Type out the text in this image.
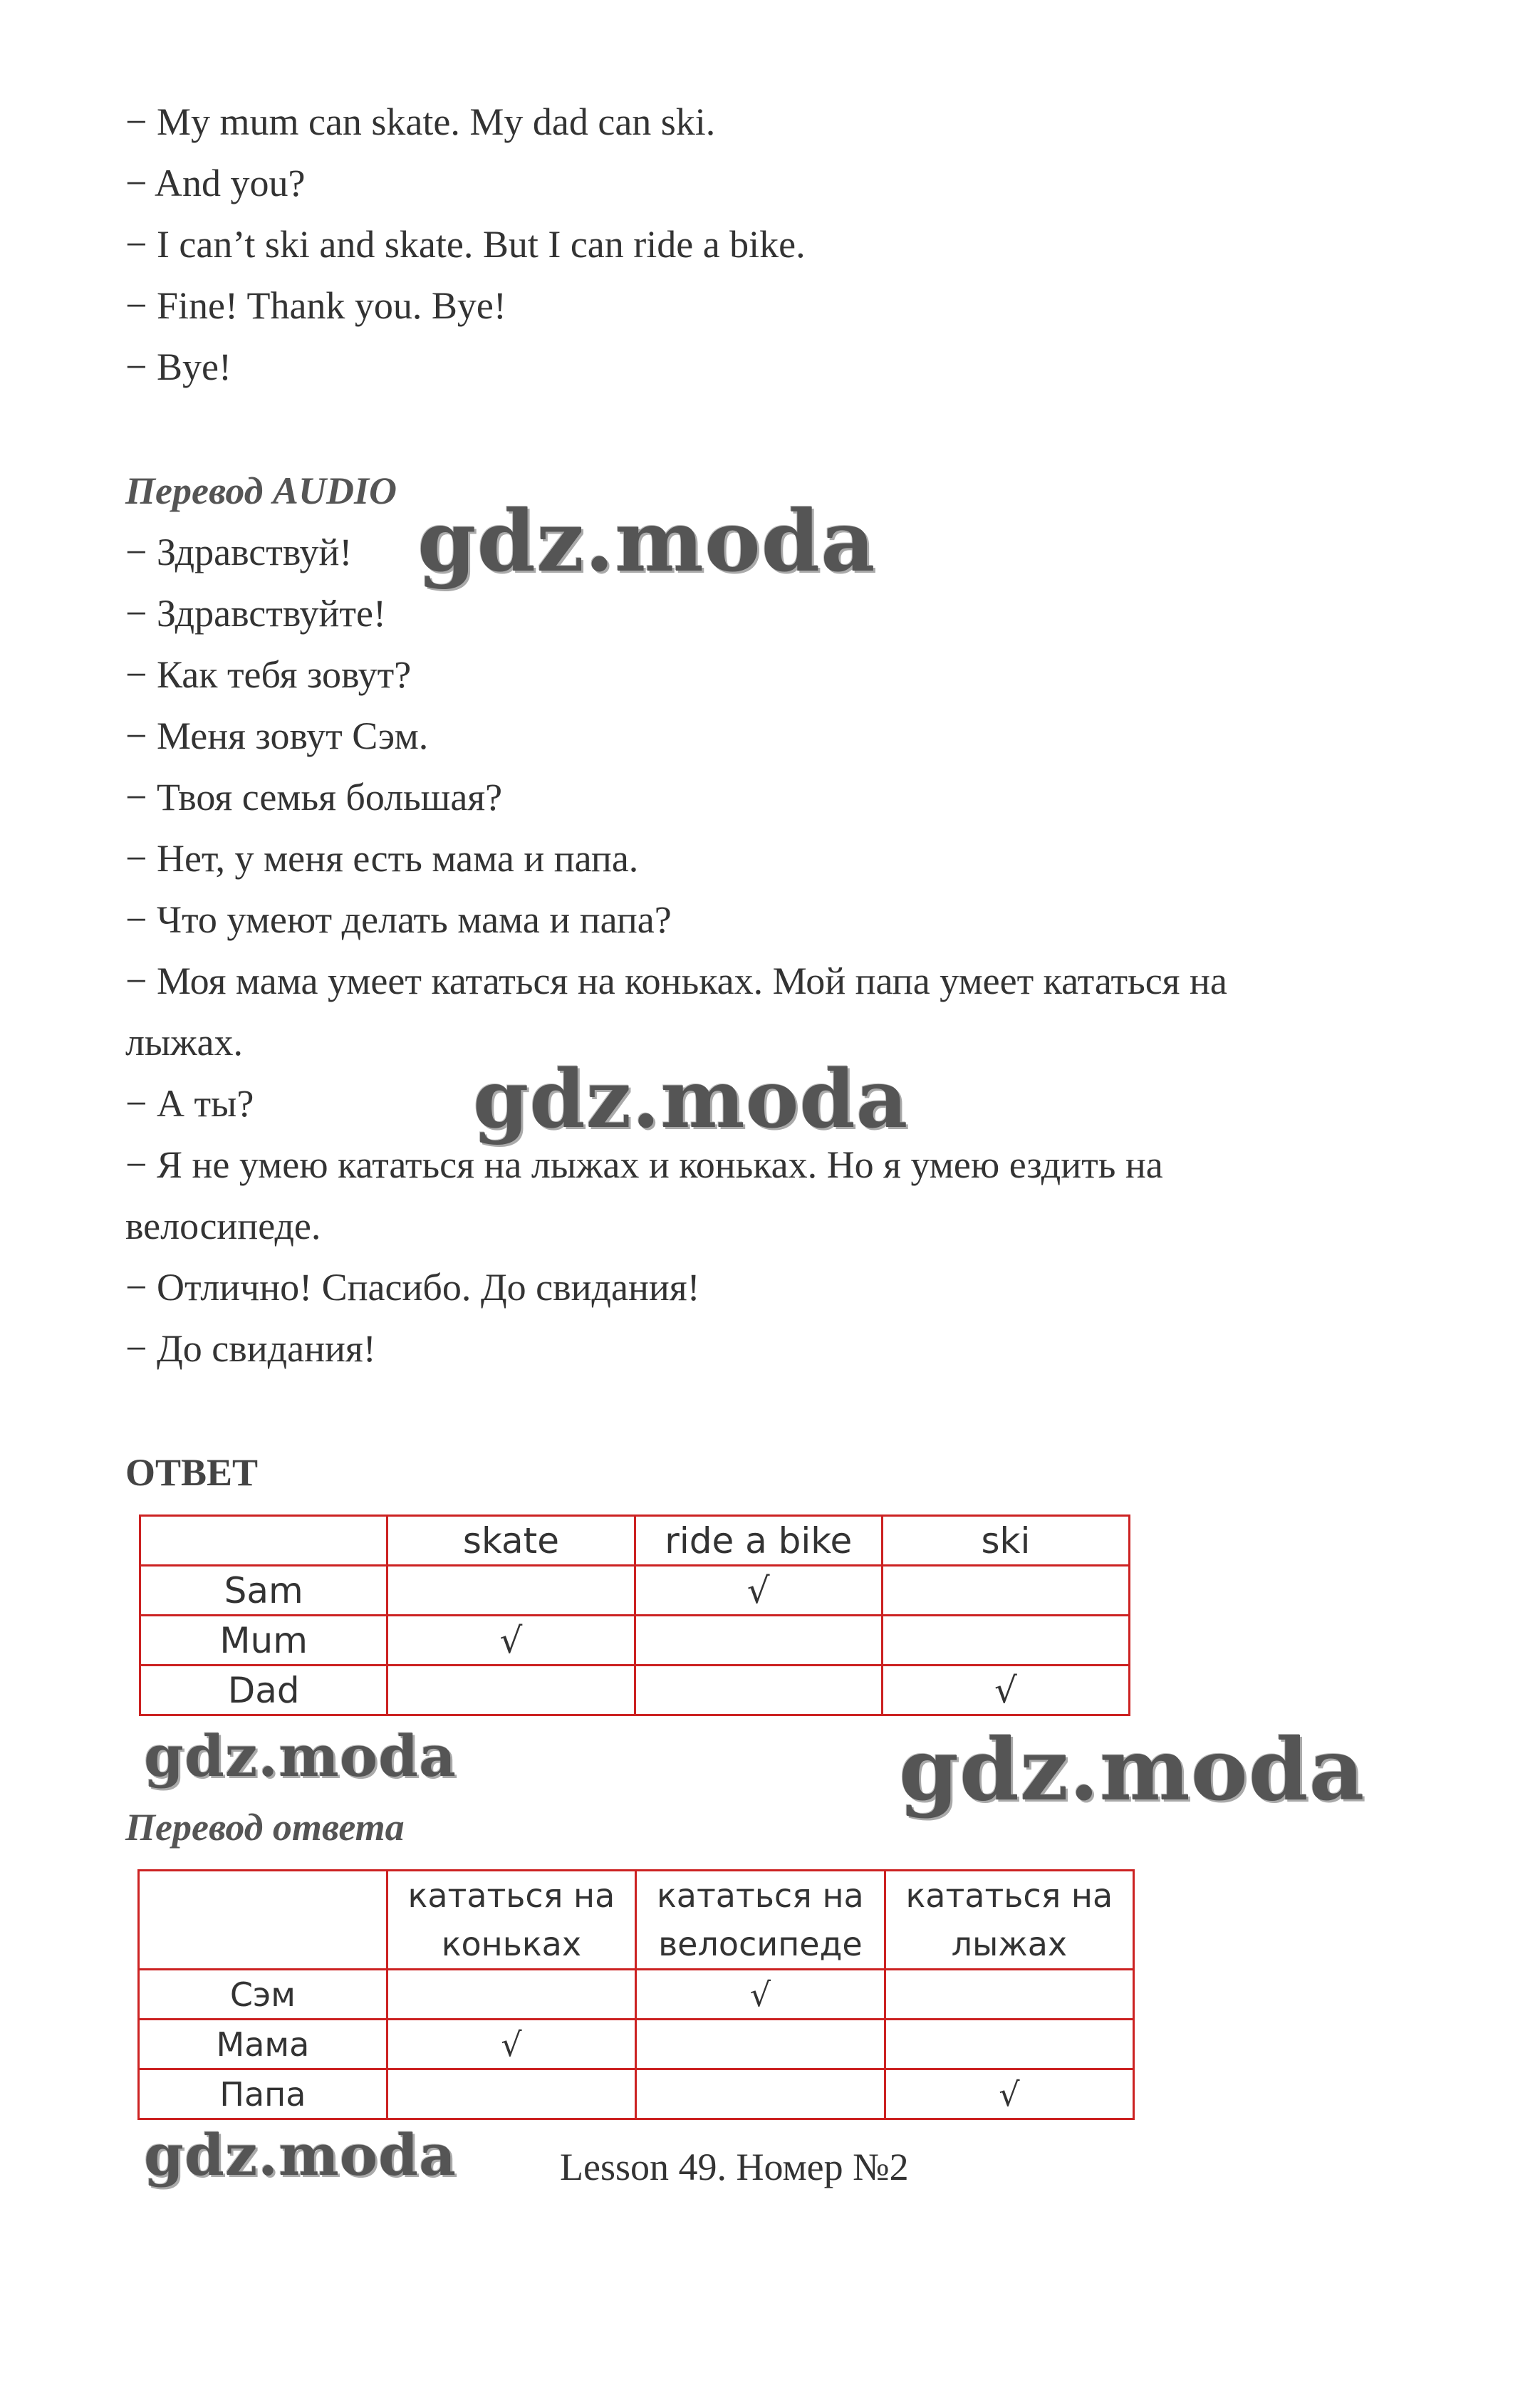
− My mum can skate. My dad can ski.
− And you?
− I can’t ski and skate. But I can ride a bike.
− Fine! Thank you. Bye!
− Bye!
Перевод AUDIO
− Здравствуй!
− Здравствуйте!
− Как тебя зовут?
− Меня зовут Сэм.
− Твоя семья большая?
− Нет, у меня есть мама и папа.
− Что умеют делать мама и папа?
− Моя мама умеет кататься на коньках. Мой папа умеет кататься на лыжах.
− А ты?
− Я не умею кататься на лыжах и коньках. Но я умею ездить на велосипеде.
− Отлично! Спасибо. До свидания!
− До свидания!
ОТВЕТ
	skate	ride a bike	ski
Sam		√	
Mum	√		
Dad			√
Перевод ответа
	кататься на коньках	кататься на велосипеде	кататься на лыжах
Сэм		√	
Мама	√		
Папа			√
Lesson 49. Номер №2
gdz.moda
gdz.moda
gdz.moda	gdz.moda
gdz.moda
